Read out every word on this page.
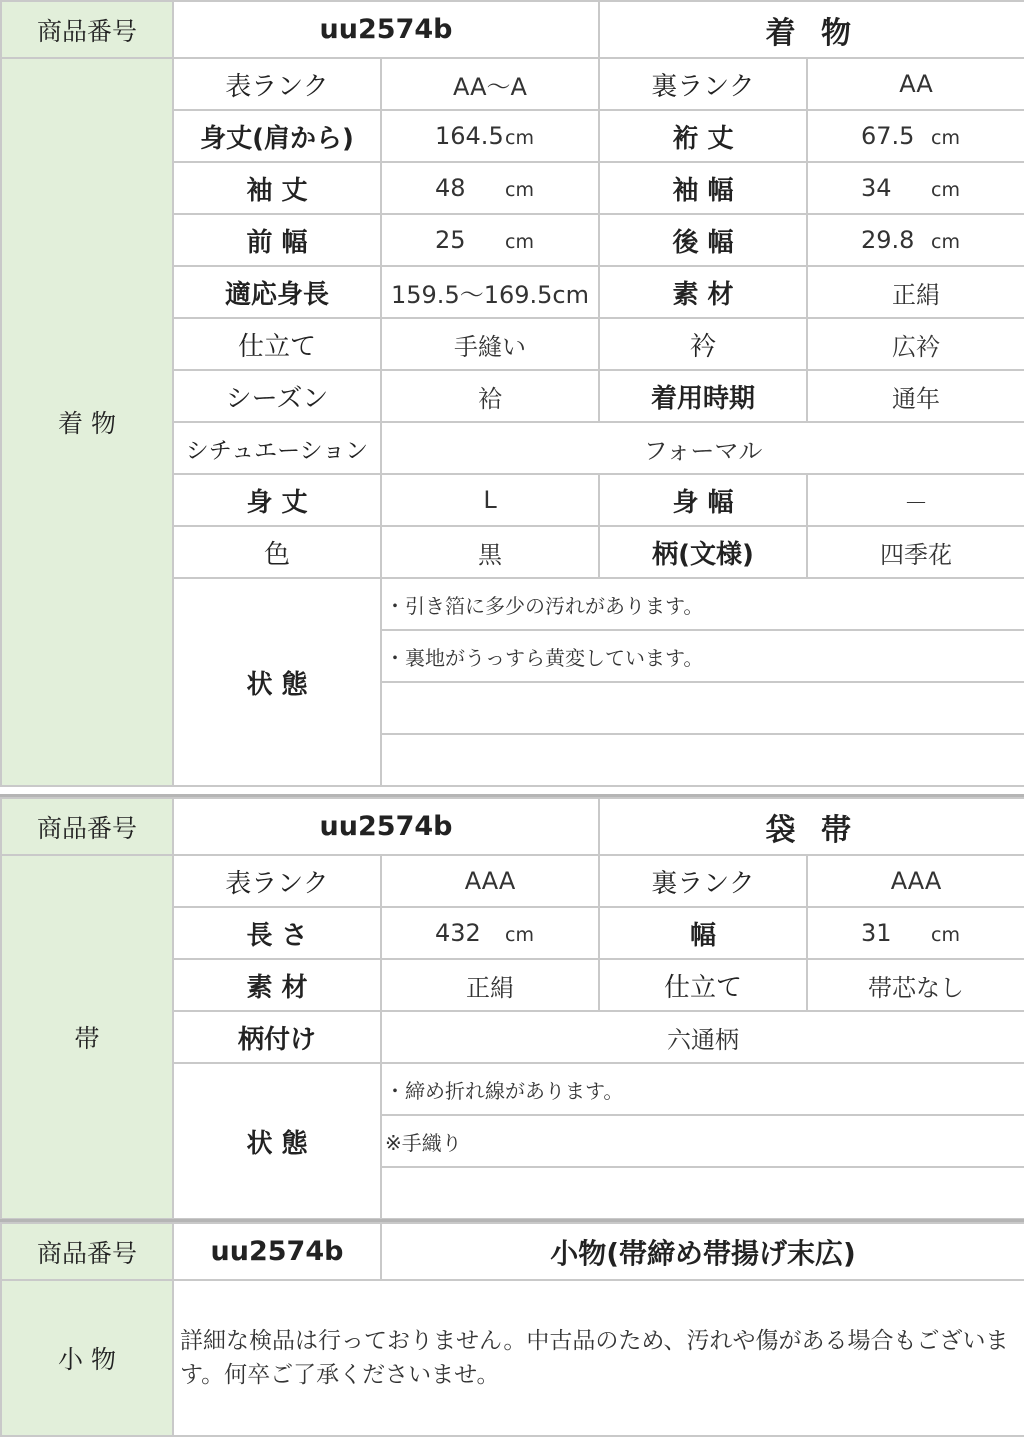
商品番号	uu2574b		着 物	
着 物	表ランク	AA～A	裏ランク	AA
	身丈(肩から)	164.5cm	裄 丈	67.5 cm
	袖 丈	48 cm	袖 幅	34 cm
	前 幅	25 cm	後 幅	29.8 cm
	適応身長	159.5～169.5cm	素 材	正絹
	仕立て	手縫い	衿	広衿
	シーズン	袷	着用時期	通年
	シチュエーション	フォーマル		
	身 丈	L	身 幅	－
	色	黒	柄(文様)	四季花
	状 態	・引き箔に多少の汚れがあります。		
		・裏地がうっすら黄変しています。		

商品番号	uu2574b		袋 帯	
帯	表ランク	AAA	裏ランク	AAA
	長 さ	432 cm	幅	31 cm
	素 材	正絹	仕立て	帯芯なし
	柄付け	六通柄		
	状 態	・締め折れ線があります。		
		※手織り		

商品番号	uu2574b	小物(帯締め帯揚げ末広)
小 物	詳細な検品は行っておりません。中古品のため、汚れや傷がある場合もございます。何卒ご了承くださいませ。	
